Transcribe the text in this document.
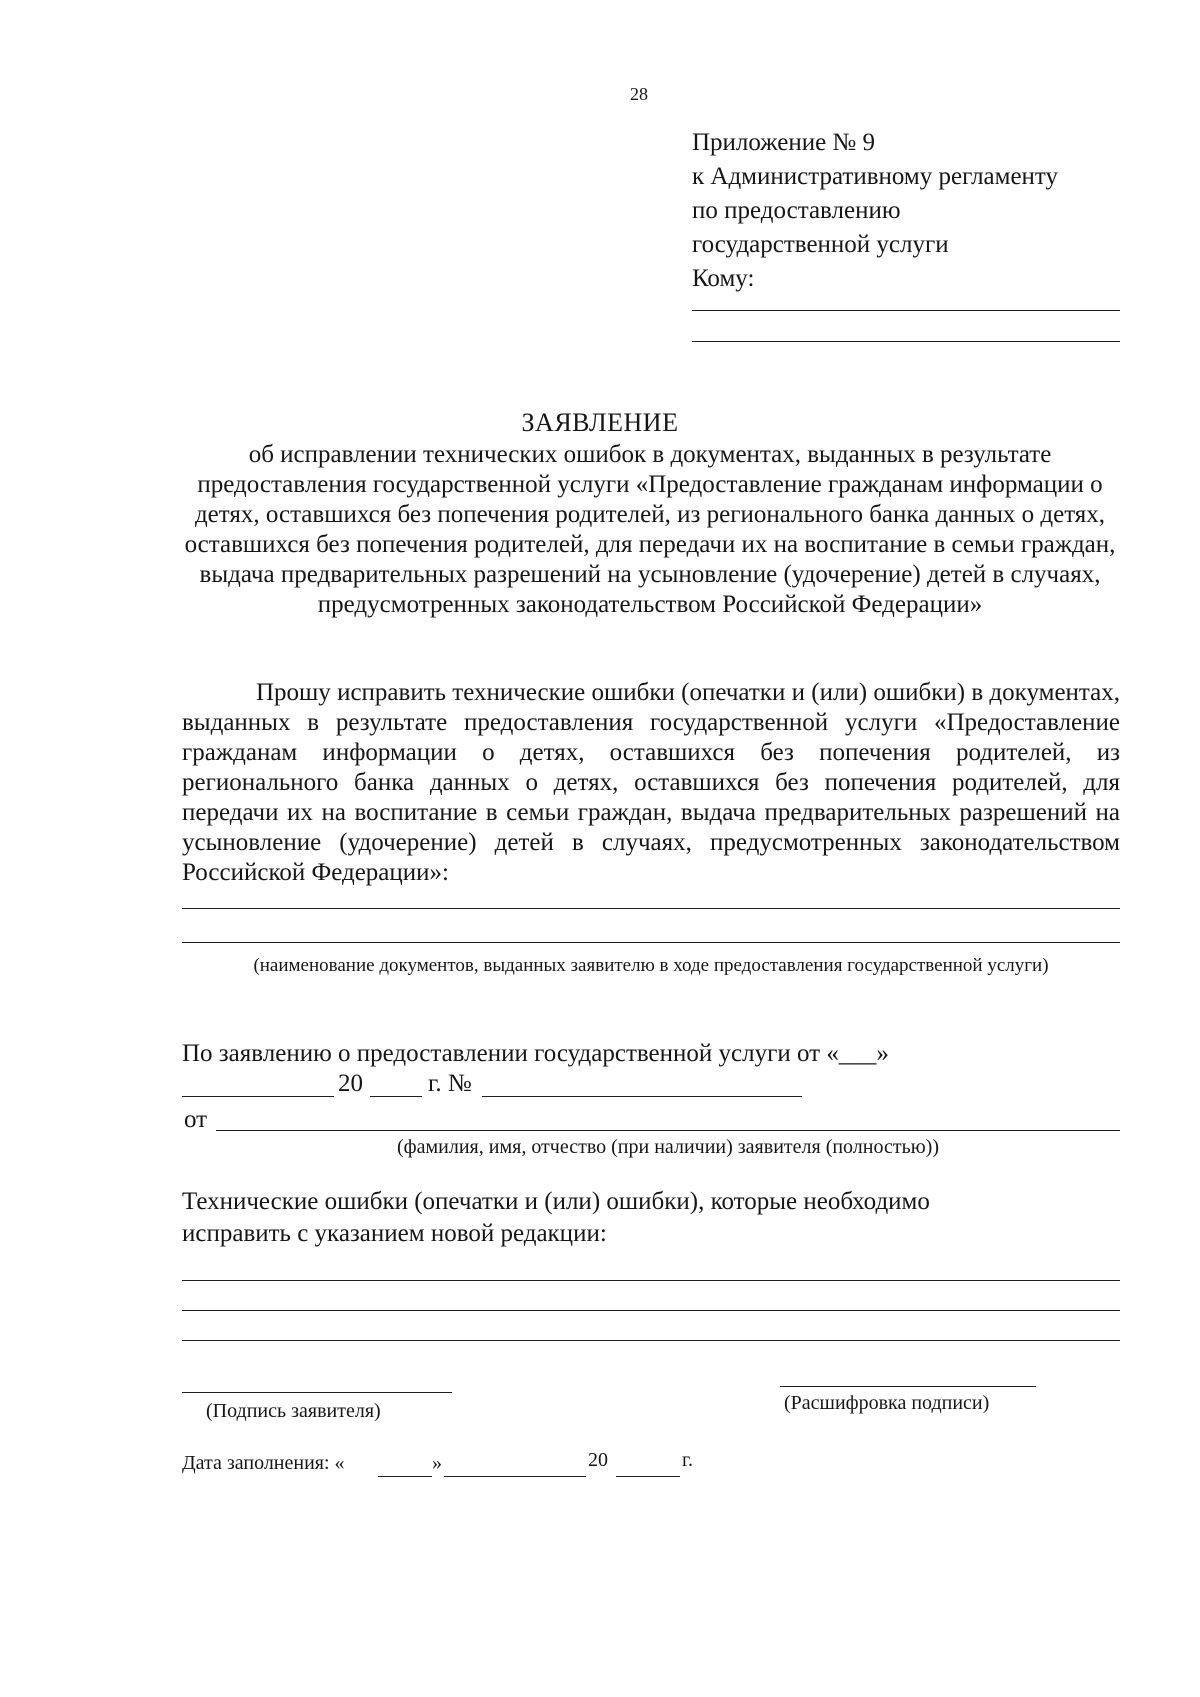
28
Приложение № 9
к Административному регламенту
по предоставлению
государственной услуги
Кому:
ЗАЯВЛЕНИЕ
об исправлении технических ошибок в документах, выданных в результате предоставления государственной услуги «Предоставление гражданам информации о детях, оставшихся без попечения родителей, из регионального банка данных о детях, оставшихся без попечения родителей, для передачи их на воспитание в семьи граждан, выдача предварительных разрешений на усыновление (удочерение) детей в случаях, предусмотренных законодательством Российской Федерации»
Прошу исправить технические ошибки (опечатки и (или) ошибки) в документах, выданных в результате предоставления государственной услуги «Предоставление гражданам информации о детях, оставшихся без попечения родителей, из регионального банка данных о детях, оставшихся без попечения родителей, для передачи их на воспитание в семьи граждан, выдача предварительных разрешений на усыновление (удочерение) детей в случаях, предусмотренных законодательством Российской Федерации»:
(наименование документов, выданных заявителю в ходе предоставления государственной услуги)
По заявлению о предоставлении государственной услуги от «___»
20	г. №
от
(фамилия, имя, отчество (при наличии) заявителя (полностью))
Технические ошибки (опечатки и (или) ошибки), которые необходимо
исправить с указанием новой редакции:
(Подпись заявителя)	(Расшифровка подписи)
Дата заполнения: «	»	20	г.
